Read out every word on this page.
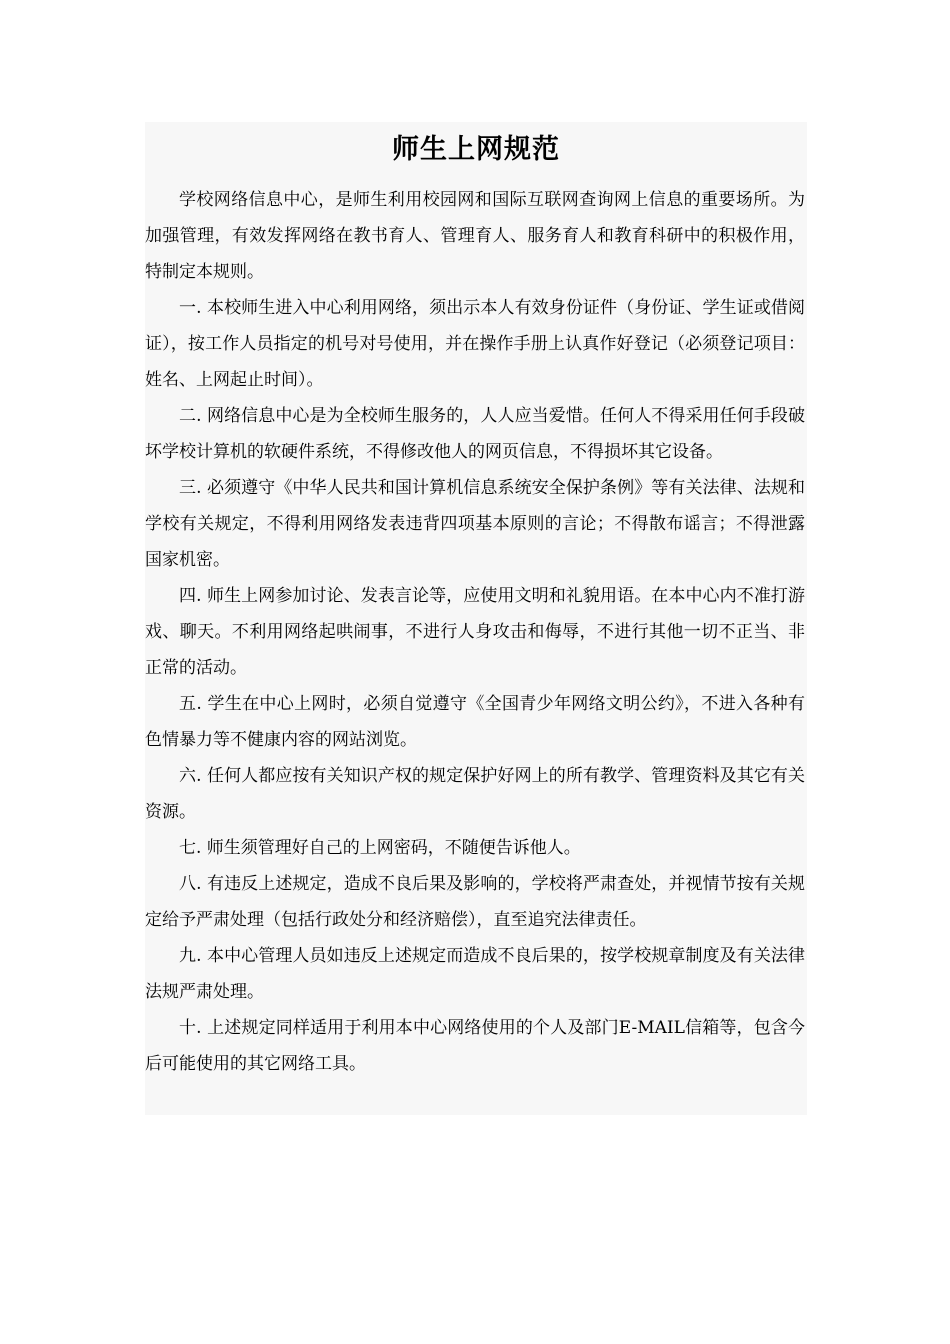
师生上网规范

学校网络信息中心，是师生利用校园网和国际互联网查询网上信息的重要场所。为加强管理，有效发挥网络在教书育人、管理育人、服务育人和教育科研中的积极作用，特制定本规则。

一. 本校师生进入中心利用网络，须出示本人有效身份证件（身份证、学生证或借阅证），按工作人员指定的机号对号使用，并在操作手册上认真作好登记（必须登记项目：姓名、上网起止时间）。

二. 网络信息中心是为全校师生服务的，人人应当爱惜。任何人不得采用任何手段破坏学校计算机的软硬件系统，不得修改他人的网页信息，不得损坏其它设备。

三. 必须遵守《中华人民共和国计算机信息系统安全保护条例》等有关法律、法规和学校有关规定，不得利用网络发表违背四项基本原则的言论；不得散布谣言；不得泄露国家机密。

四. 师生上网参加讨论、发表言论等，应使用文明和礼貌用语。在本中心内不准打游戏、聊天。不利用网络起哄闹事，不进行人身攻击和侮辱，不进行其他一切不正当、非正常的活动。

五. 学生在中心上网时，必须自觉遵守《全国青少年网络文明公约》，不进入各种有色情暴力等不健康内容的网站浏览。

六. 任何人都应按有关知识产权的规定保护好网上的所有教学、管理资料及其它有关资源。

七. 师生须管理好自己的上网密码，不随便告诉他人。

八. 有违反上述规定，造成不良后果及影响的，学校将严肃查处，并视情节按有关规定给予严肃处理（包括行政处分和经济赔偿），直至追究法律责任。

九. 本中心管理人员如违反上述规定而造成不良后果的，按学校规章制度及有关法律法规严肃处理。

十. 上述规定同样适用于利用本中心网络使用的个人及部门E-MAIL信箱等，包含今后可能使用的其它网络工具。
